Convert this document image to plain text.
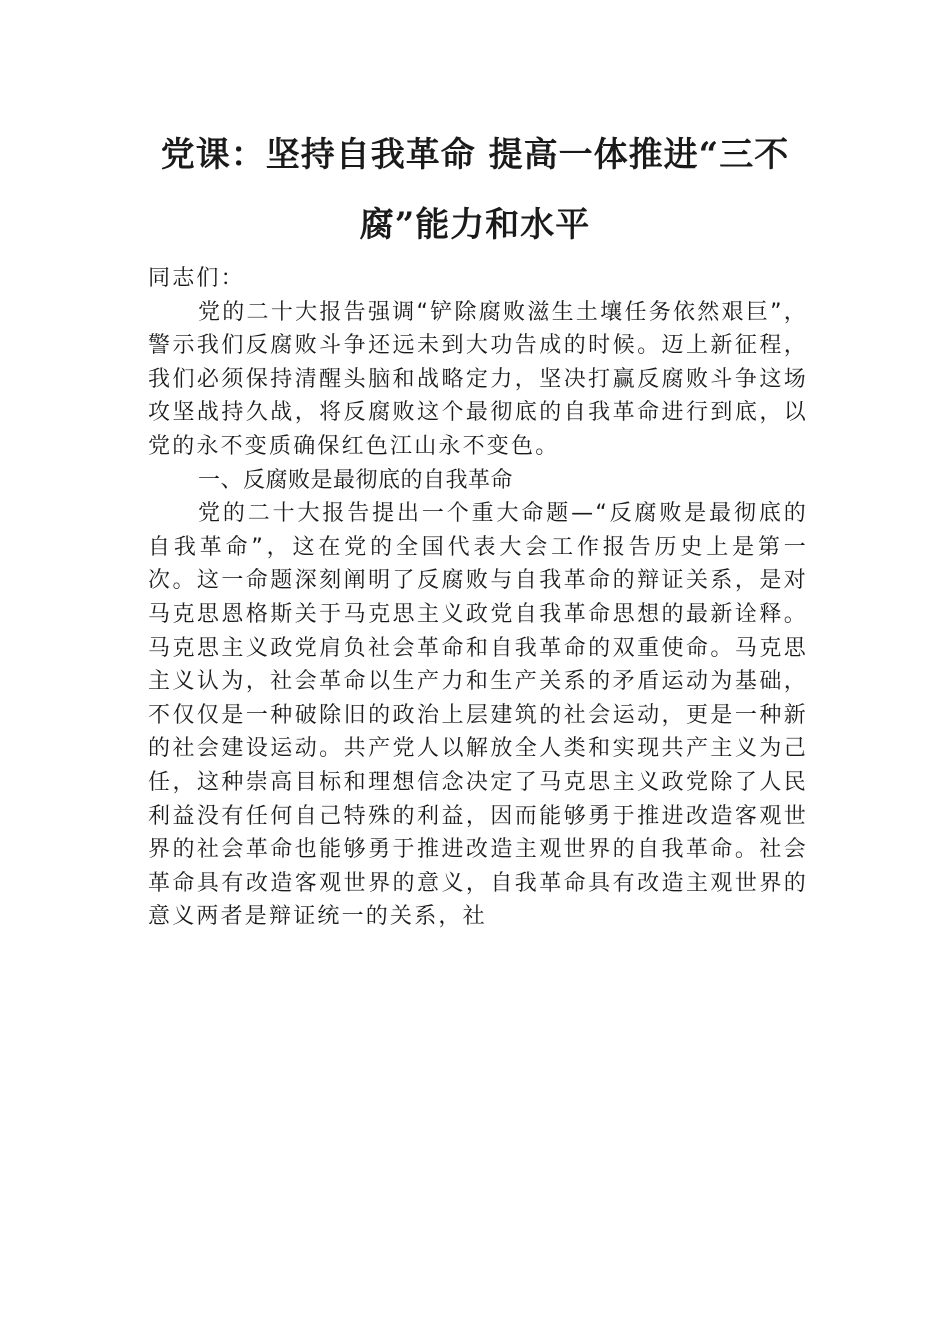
党课：坚持自我革命 提高一体推进“三不腐”能力和水平

同志们：

党的二十大报告强调“铲除腐败滋生土壤任务依然艰巨”，警示我们反腐败斗争还远未到大功告成的时候。迈上新征程，我们必须保持清醒头脑和战略定力，坚决打赢反腐败斗争这场攻坚战持久战，将反腐败这个最彻底的自我革命进行到底，以党的永不变质确保红色江山永不变色。

一、反腐败是最彻底的自我革命

党的二十大报告提出一个重大命题—“反腐败是最彻底的自我革命”，这在党的全国代表大会工作报告历史上是第一次。这一命题深刻阐明了反腐败与自我革命的辩证关系，是对马克思恩格斯关于马克思主义政党自我革命思想的最新诠释。马克思主义政党肩负社会革命和自我革命的双重使命。马克思主义认为，社会革命以生产力和生产关系的矛盾运动为基础，不仅仅是一种破除旧的政治上层建筑的社会运动，更是一种新的社会建设运动。共产党人以解放全人类和实现共产主义为己任，这种崇高目标和理想信念决定了马克思主义政党除了人民利益没有任何自己特殊的利益，因而能够勇于推进改造客观世界的社会革命也能够勇于推进改造主观世界的自我革命。社会革命具有改造客观世界的意义，自我革命具有改造主观世界的意义两者是辩证统一的关系，社
